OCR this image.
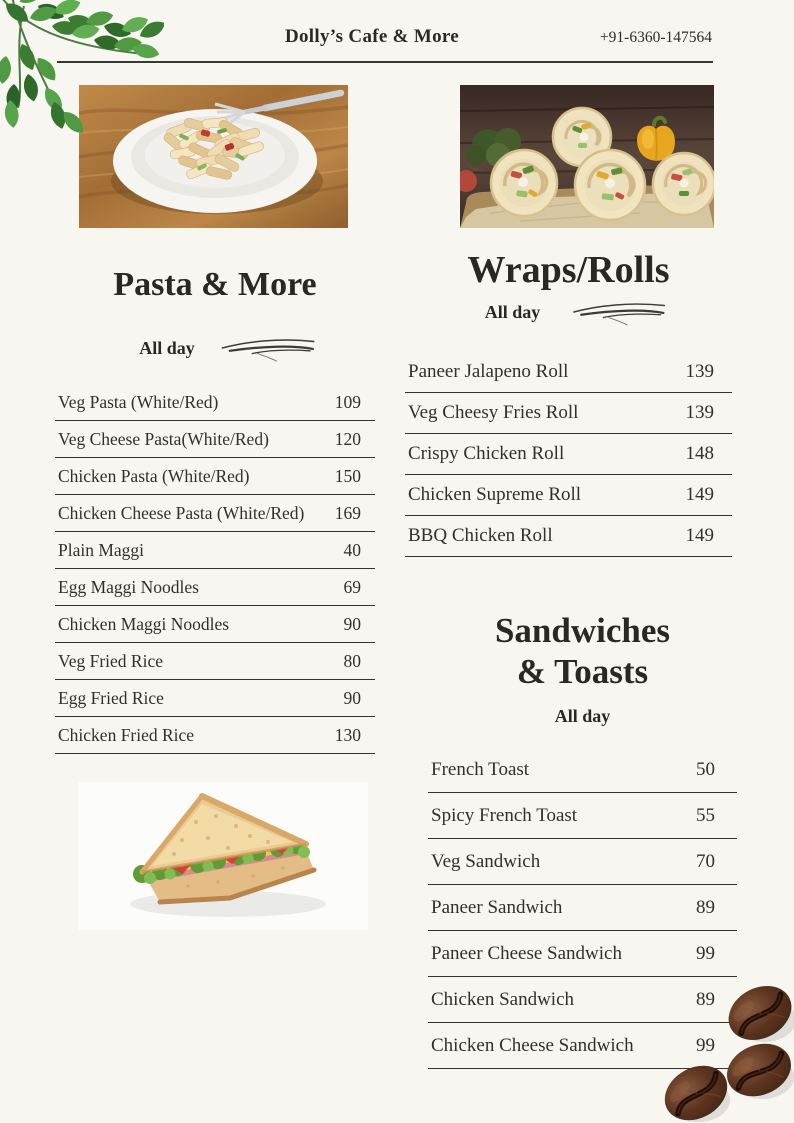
Dolly’s Cafe & More	+91-6360-147564
Pasta & More
All day
Veg Pasta (White/Red)	109
Veg Cheese Pasta(White/Red)	120
Chicken Pasta (White/Red)	150
Chicken Cheese Pasta (White/Red) 169
Plain Maggi	40
Egg Maggi Noodles	69
Chicken Maggi Noodles	90
Veg Fried Rice	80
Egg Fried Rice	90
Chicken Fried Rice	130
Wraps/Rolls
All day
Paneer Jalapeno Roll	139
Veg Cheesy Fries Roll	139
Crispy Chicken Roll	148
Chicken Supreme Roll	149
BBQ Chicken Roll	149
Sandwiches
& Toasts
All day
French Toast	50
Spicy French Toast	55
Veg Sandwich	70
Paneer Sandwich	89
Paneer Cheese Sandwich	99
Chicken Sandwich	89
Chicken Cheese Sandwich	99
